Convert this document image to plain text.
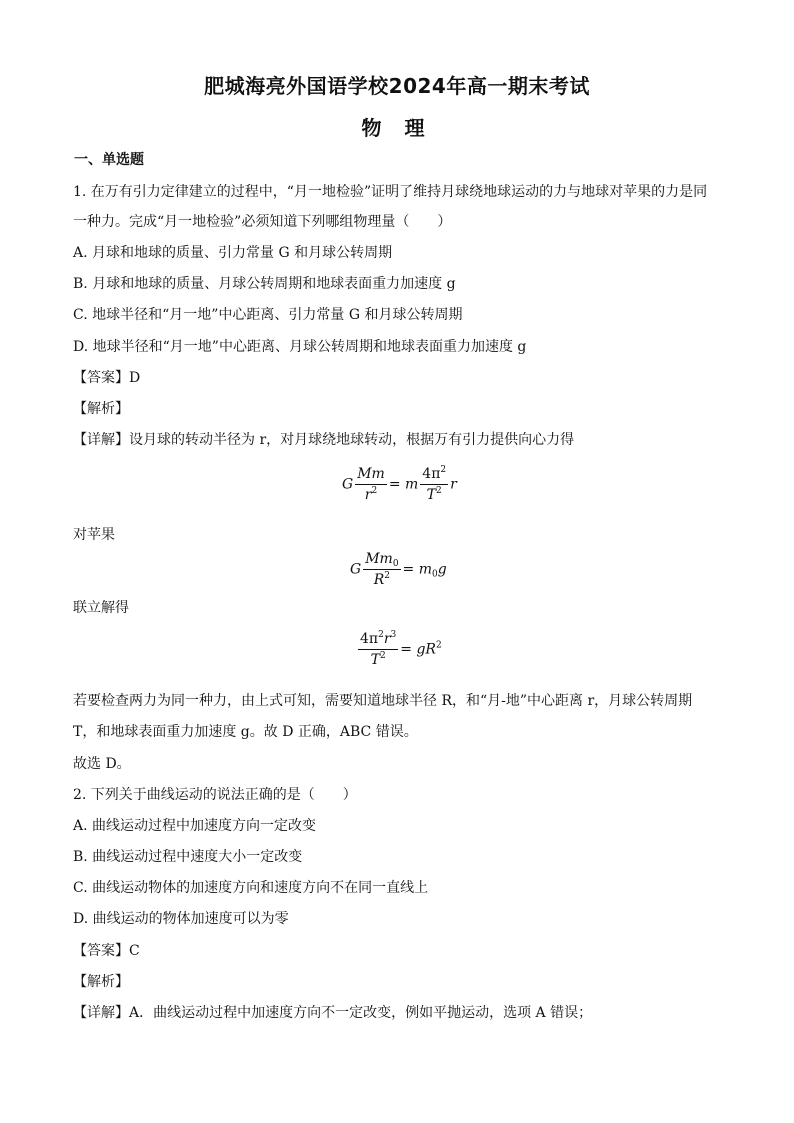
肥城海亮外国语学校2024年高一期末考试
物 理
一、单选题
1. 在万有引力定律建立的过程中，“月一地检验”证明了维持月球绕地球运动的力与地球对苹果的力是同
一种力。完成“月一地检验”必须知道下列哪组物理量（　　）
A. 月球和地球的质量、引力常量 G 和月球公转周期
B. 月球和地球的质量、月球公转周期和地球表面重力加速度 g
C. 地球半径和“月一地”中心距离、引力常量 G 和月球公转周期
D. 地球半径和“月一地”中心距离、月球公转周期和地球表面重力加速度 g
【答案】D
【解析】
【详解】设月球的转动半径为 r，对月球绕地球转动，根据万有引力提供向心力得
G $\frac{Mm}{r^2} = m \frac{4\pi^2}{T^2}$ r
对苹果
G $\frac{Mm_0}{R^2} = m_0g$
联立解得
$\frac{4\pi^2r^3}{T^2} = gR^2$
若要检查两力为同一种力，由上式可知，需要知道地球半径 R，和“月-地”中心距离 r，月球公转周期
T，和地球表面重力加速度 g。故 D 正确，ABC 错误。
故选 D。
2. 下列关于曲线运动的说法正确的是（　　）
A. 曲线运动过程中加速度方向一定改变
B. 曲线运动过程中速度大小一定改变
C. 曲线运动物体的加速度方向和速度方向不在同一直线上
D. 曲线运动的物体加速度可以为零
【答案】C
【解析】
【详解】A．曲线运动过程中加速度方向不一定改变，例如平抛运动，选项 A 错误；
